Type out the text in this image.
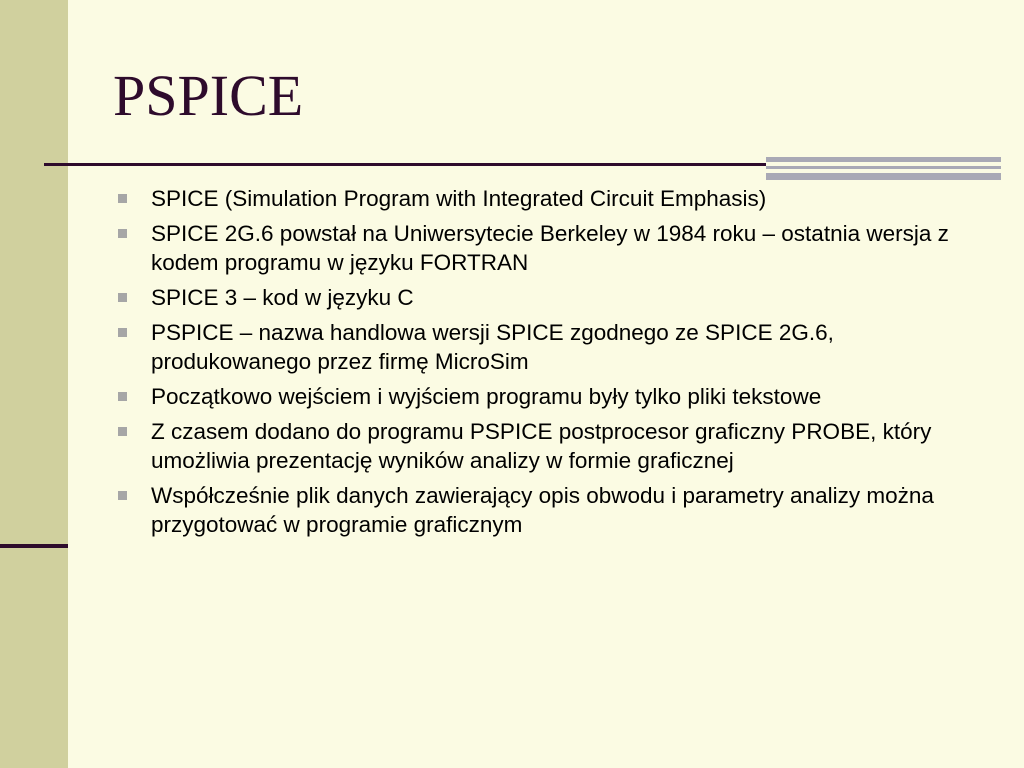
PSPICE
SPICE (Simulation Program with Integrated Circuit Emphasis)
SPICE 2G.6 powstał na Uniwersytecie Berkeley w 1984 roku – ostatnia wersja z kodem programu w języku FORTRAN
SPICE 3 – kod w języku C
PSPICE – nazwa handlowa wersji SPICE zgodnego ze SPICE 2G.6, produkowanego przez firmę MicroSim
Początkowo wejściem i wyjściem programu były tylko pliki tekstowe
Z czasem dodano do programu PSPICE postprocesor graficzny PROBE, który umożliwia prezentację wyników analizy w formie graficznej
Współcześnie plik danych zawierający opis obwodu i parametry analizy można przygotować w programie graficznym
